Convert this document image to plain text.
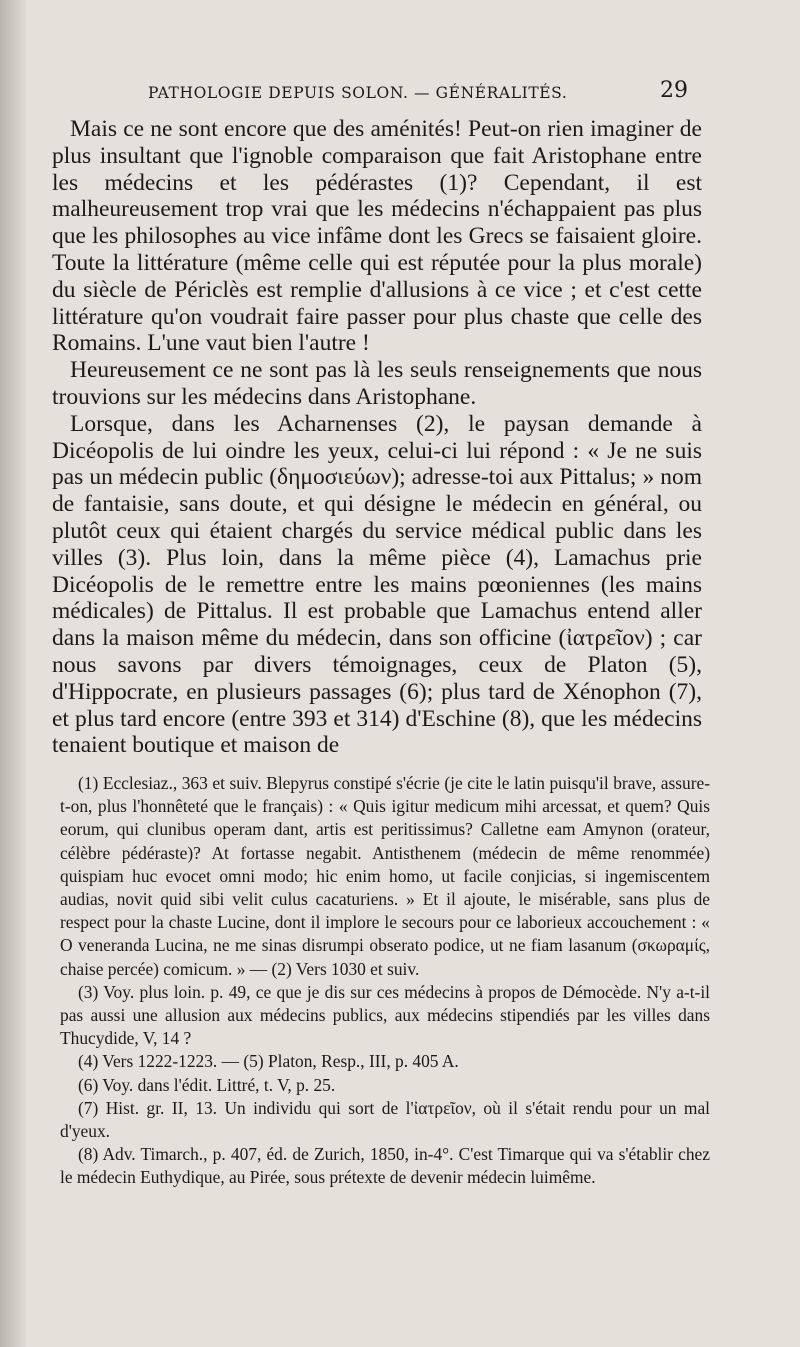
PATHOLOGIE DEPUIS SOLON. — GÉNÉRALITÉS.	29

Mais ce ne sont encore que des aménités! Peut-on rien imaginer de plus insultant que l'ignoble comparaison que fait Aristophane entre les médecins et les pédérastes (1)? Cependant, il est malheureusement trop vrai que les médecins n'échappaient pas plus que les philosophes au vice infâme dont les Grecs se faisaient gloire. Toute la littérature (même celle qui est réputée pour la plus morale) du siècle de Périclès est remplie d'allusions à ce vice ; et c'est cette littérature qu'on voudrait faire passer pour plus chaste que celle des Romains. L'une vaut bien l'autre !

Heureusement ce ne sont pas là les seuls renseignements que nous trouvions sur les médecins dans Aristophane.

Lorsque, dans les Acharnenses (2), le paysan demande à Dicéopolis de lui oindre les yeux, celui-ci lui répond : « Je ne suis pas un médecin public (δημοσιεύων); adresse-toi aux Pittalus; » nom de fantaisie, sans doute, et qui désigne le médecin en général, ou plutôt ceux qui étaient chargés du service médical public dans les villes (3). Plus loin, dans la même pièce (4), Lamachus prie Dicéopolis de le remettre entre les mains pœoniennes (les mains médicales) de Pittalus. Il est probable que Lamachus entend aller dans la maison même du médecin, dans son officine (ἰατρεῖον) ; car nous savons par divers témoignages, ceux de Platon (5), d'Hippocrate, en plusieurs passages (6); plus tard de Xénophon (7), et plus tard encore (entre 393 et 314) d'Eschine (8), que les médecins tenaient boutique et maison de

(1) Ecclesiaz., 363 et suiv. Blepyrus constipé s'écrie (je cite le latin puisqu'il brave, assure-t-on, plus l'honnêteté que le français) : « Quis igitur medicum mihi arcessat, et quem? Quis eorum, qui clunibus operam dant, artis est peritissimus? Calletne eam Amynon (orateur, célèbre pédéraste)? At fortasse negabit. Antisthenem (médecin de même renommée) quispiam huc evocet omni modo; hic enim homo, ut facile conjicias, si ingemiscentem audias, novit quid sibi velit culus cacaturiens. » Et il ajoute, le misérable, sans plus de respect pour la chaste Lucine, dont il implore le secours pour ce laborieux accouchement : « O veneranda Lucina, ne me sinas disrumpi obserato podice, ut ne fiam lasanum (σκωραμίς, chaise percée) comicum. » — (2) Vers 1030 et suiv.

(3) Voy. plus loin. p. 49, ce que je dis sur ces médecins à propos de Démocède. N'y a-t-il pas aussi une allusion aux médecins publics, aux médecins stipendiés par les villes dans Thucydide, V, 14 ?

(4) Vers 1222-1223. — (5) Platon, Resp., III, p. 405 A.

(6) Voy. dans l'édit. Littré, t. V, p. 25.

(7) Hist. gr. II, 13. Un individu qui sort de l'ἰατρεῖον, où il s'était rendu pour un mal d'yeux.

(8) Adv. Timarch., p. 407, éd. de Zurich, 1850, in-4°. C'est Timarque qui va s'établir chez le médecin Euthydique, au Pirée, sous prétexte de devenir médecin luimême.
